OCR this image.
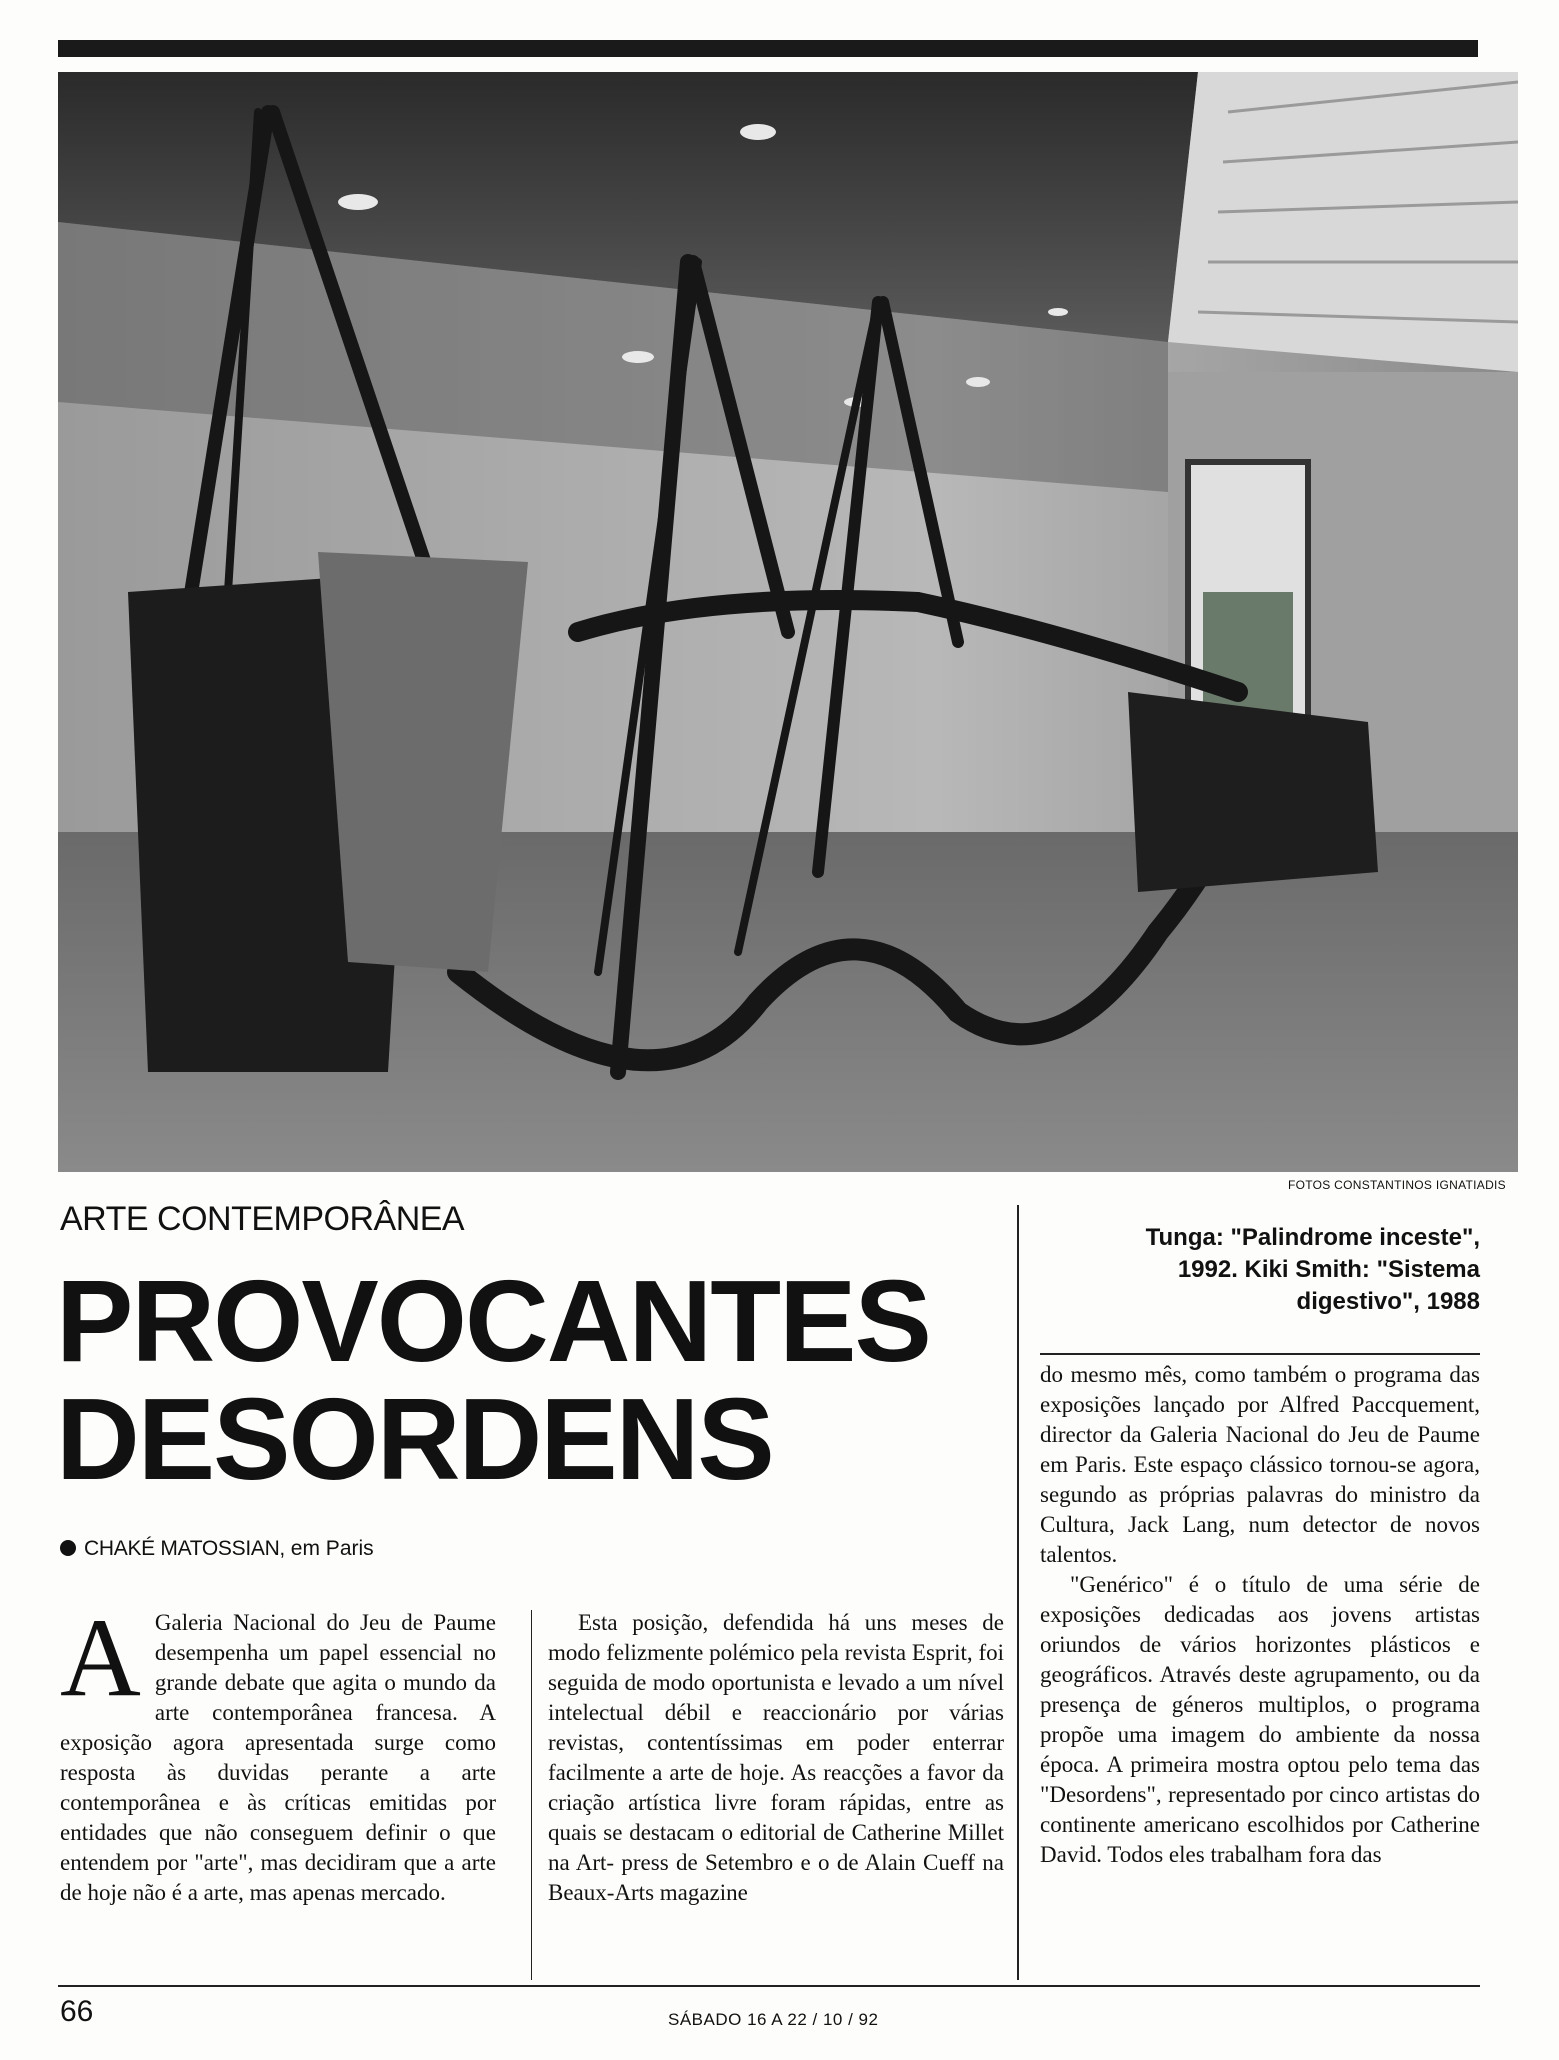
FOTOS CONSTANTINOS IGNATIADIS
ARTE CONTEMPORÂNEA
PROVOCANTES
DESORDENS
CHAKÉ MATOSSIAN, em Paris
Tunga: "Palindrome inceste",
1992. Kiki Smith: "Sistema
digestivo", 1988
A Galeria Nacional do Jeu de Paume desempenha um papel essencial no grande debate que agita o mundo da arte contemporânea francesa. A exposição agora apresentada surge como resposta às duvidas perante a arte contemporânea e às críticas emitidas por entidades que não conseguem definir o que entendem por "arte", mas decidiram que a arte de hoje não é a arte, mas apenas mercado.

Esta posição, defendida há uns meses de modo felizmente polémico pela revista Esprit, foi seguida de modo oportunista e levado a um nível intelectual débil e reaccionário por várias revistas, contentíssimas em poder enterrar facilmente a arte de hoje. As reacções a favor da criação artística livre foram rápidas, entre as quais se destacam o editorial de Catherine Millet na Art- press de Setembro e o de Alain Cueff na Beaux-Arts magazine

do mesmo mês, como também o programa das exposições lançado por Alfred Paccquement, director da Galeria Nacional do Jeu de Paume em Paris. Este espaço clássico tornou-se agora, segundo as próprias palavras do ministro da Cultura, Jack Lang, num detector de novos talentos.

"Genérico" é o título de uma série de exposições dedicadas aos jovens artistas oriundos de vários horizontes plásticos e geográficos. Através deste agrupamento, ou da presença de géneros multiplos, o programa propõe uma imagem do ambiente da nossa época. A primeira mostra optou pelo tema das "Desordens", representado por cinco artistas do continente americano escolhidos por Catherine David. Todos eles trabalham fora das

66	SÁBADO 16 A 22 / 10 / 92
